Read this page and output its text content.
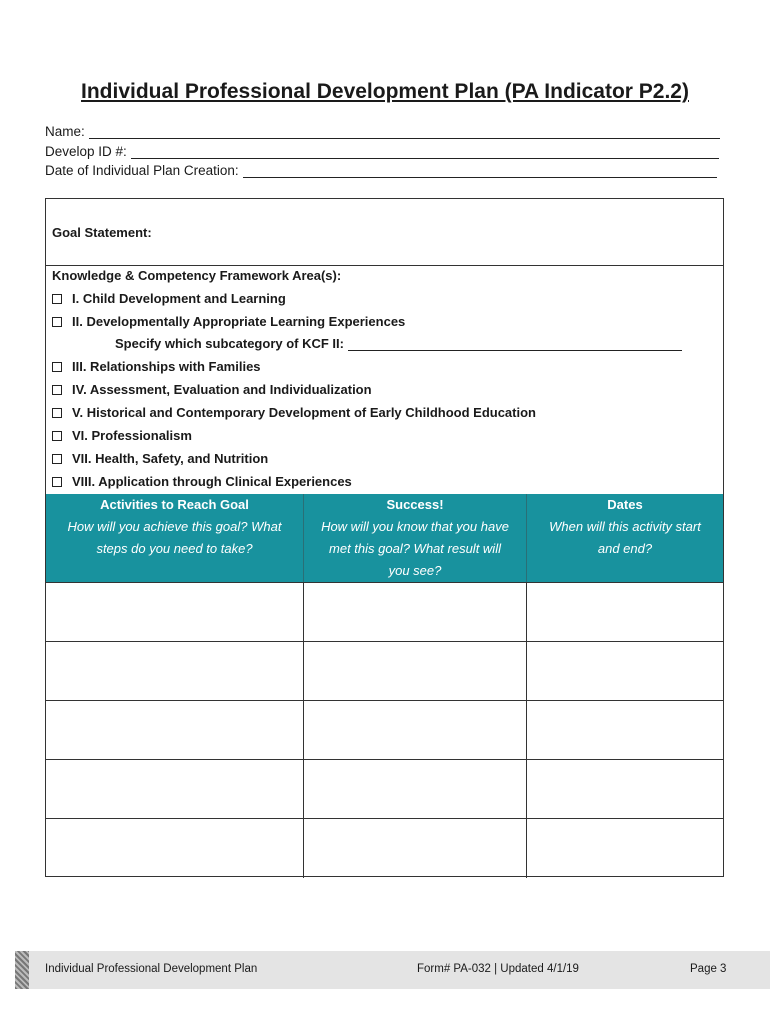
Individual Professional Development Plan (PA Indicator P2.2)
Name:
Develop ID #:
Date of Individual Plan Creation:
Goal Statement:
Knowledge & Competency Framework Area(s):
I. Child Development and Learning
II. Developmentally Appropriate Learning Experiences
Specify which subcategory of KCF II:
III. Relationships with Families
IV. Assessment, Evaluation and Individualization
V. Historical and Contemporary Development of Early Childhood Education
VI. Professionalism
VII. Health, Safety, and Nutrition
VIII. Application through Clinical Experiences
Activities to Reach Goal
How will you achieve this goal? What
steps do you need to take?
Success!
How will you know that you have
met this goal? What result will
you see?
Dates
When will this activity start
and end?
Individual Professional Development Plan	Form# PA-032 | Updated 4/1/19	Page 3
